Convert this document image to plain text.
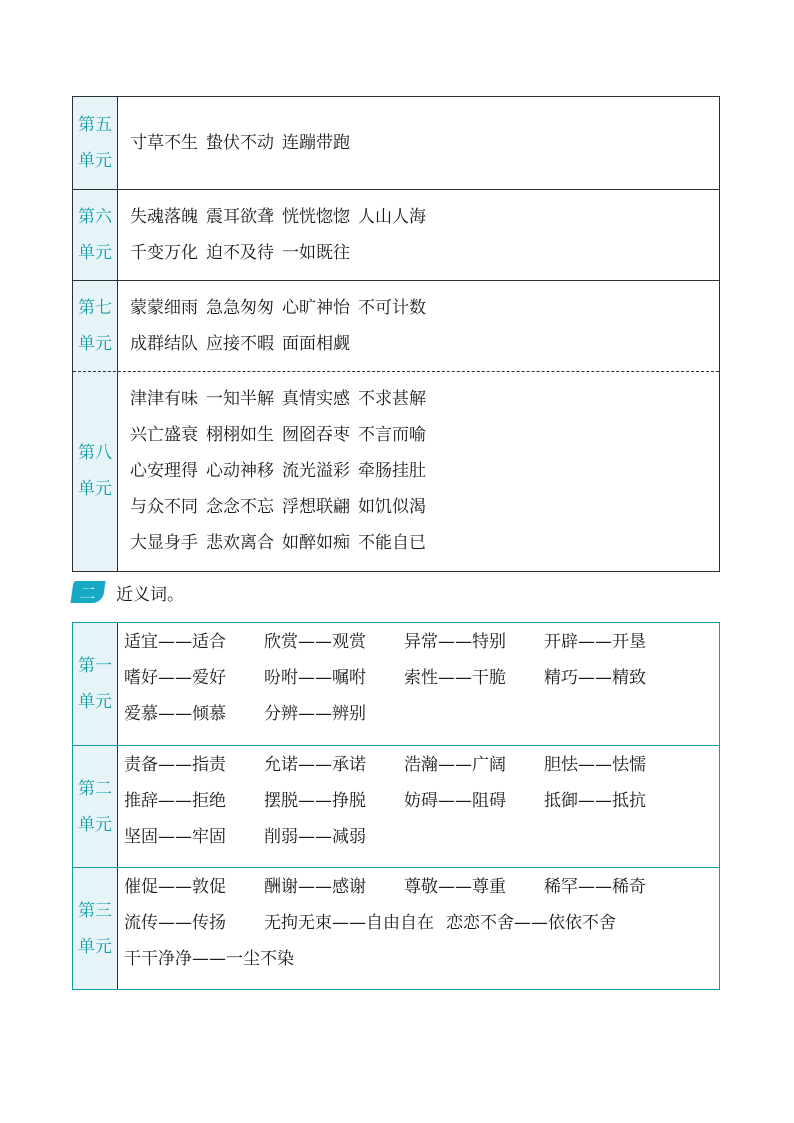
第五
单元
寸草不生 蛰伏不动 连蹦带跑
第六
单元
失魂落魄 震耳欲聋 恍恍惚惚 人山人海
千变万化 迫不及待 一如既往
第七
单元
蒙蒙细雨 急急匆匆 心旷神怡 不可计数
成群结队 应接不暇 面面相觑
第八
单元
津津有味 一知半解 真情实感 不求甚解
兴亡盛衰 栩栩如生 囫囵吞枣 不言而喻
心安理得 心动神移 流光溢彩 牵肠挂肚
与众不同 念念不忘 浮想联翩 如饥似渴
大显身手 悲欢离合 如醉如痴 不能自已
二	近义词。
第一
单元
适宜——适合 欣赏——观赏 异常——特别 开辟——开垦
嗜好——爱好 吩咐——嘱咐 索性——干脆 精巧——精致
爱慕——倾慕 分辨——辨别
第二
单元
责备——指责 允诺——承诺 浩瀚——广阔 胆怯——怯懦
推辞——拒绝 摆脱——挣脱 妨碍——阻碍 抵御——抵抗
坚固——牢固 削弱——减弱
第三
单元
催促——敦促 酬谢——感谢 尊敬——尊重 稀罕——稀奇
流传——传扬 无拘无束——自由自在 恋恋不舍——依依不舍
干干净净——一尘不染
